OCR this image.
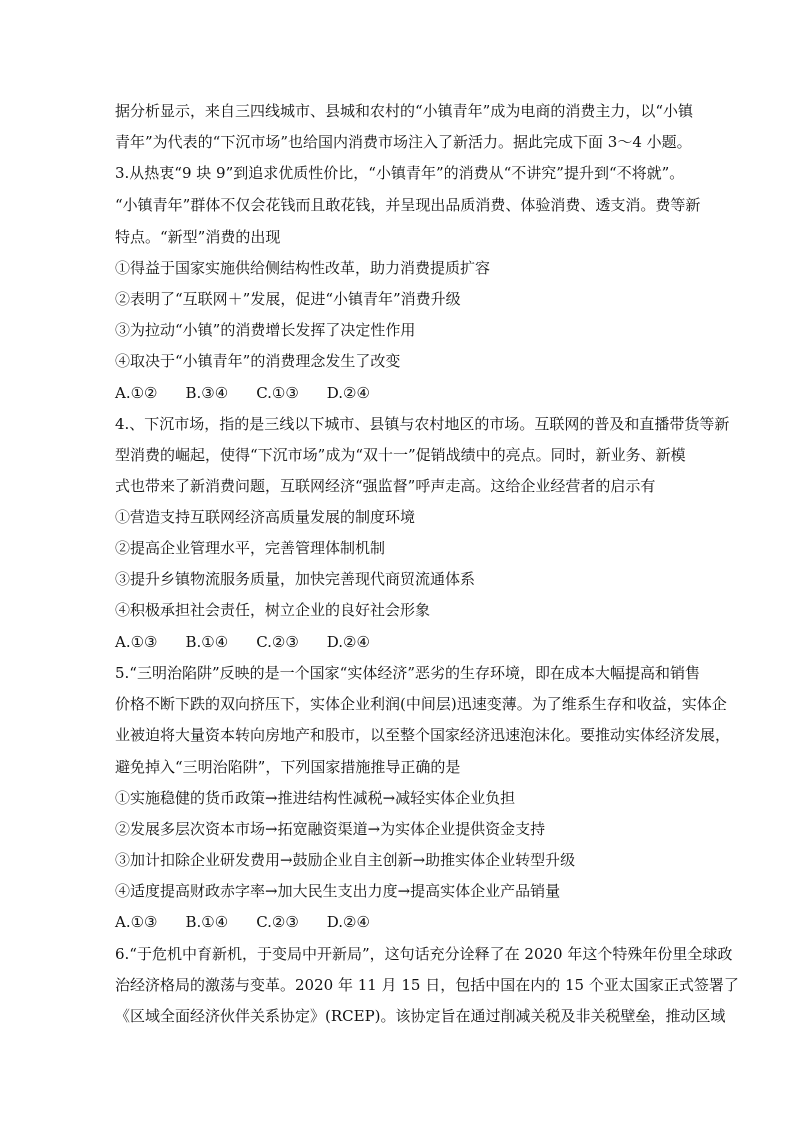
据分析显示，来自三四线城市、县城和农村的“小镇青年”成为电商的消费主力，以“小镇
青年”为代表的“下沉市场”也给国内消费市场注入了新活力。据此完成下面 3～4 小题。
3.从热衷“9 块 9”到追求优质性价比，“小镇青年”的消费从“不讲究”提升到“不将就”。
“小镇青年”群体不仅会花钱而且敢花钱，并呈现出品质消费、体验消费、透支消。费等新
特点。“新型”消费的出现
①得益于国家实施供给侧结构性改革，助力消费提质扩容
②表明了“互联网＋”发展，促进“小镇青年”消费升级
③为拉动“小镇”的消费增长发挥了决定性作用
④取决于“小镇青年”的消费理念发生了改变
A.①② B.③④ C.①③ D.②④
4.、下沉市场，指的是三线以下城市、县镇与农村地区的市场。互联网的普及和直播带货等新
型消费的崛起，使得“下沉市场”成为“双十一”促销战绩中的亮点。同时，新业务、新模
式也带来了新消费问题，互联网经济“强监督”呼声走高。这给企业经营者的启示有
①营造支持互联网经济高质量发展的制度环境
②提高企业管理水平，完善管理体制机制
③提升乡镇物流服务质量，加快完善现代商贸流通体系
④积极承担社会责任，树立企业的良好社会形象
A.①③ B.①④ C.②③ D.②④
5.“三明治陷阱”反映的是一个国家“实体经济”恶劣的生存环境，即在成本大幅提高和销售
价格不断下跌的双向挤压下，实体企业利润(中间层)迅速变薄。为了维系生存和收益，实体企
业被迫将大量资本转向房地产和股市，以至整个国家经济迅速泡沫化。要推动实体经济发展，
避免掉入“三明治陷阱”，下列国家措施推导正确的是
①实施稳健的货币政策→推进结构性减税→减轻实体企业负担
②发展多层次资本市场→拓宽融资渠道→为实体企业提供资金支持
③加计扣除企业研发费用→鼓励企业自主创新→助推实体企业转型升级
④适度提高财政赤字率→加大民生支出力度→提高实体企业产品销量
A.①③ B.①④ C.②③ D.②④
6.“于危机中育新机，于变局中开新局”，这句话充分诠释了在 2020 年这个特殊年份里全球政
治经济格局的激荡与变革。2020 年 11 月 15 日，包括中国在内的 15 个亚太国家正式签署了
《区域全面经济伙伴关系协定》(RCEP)。该协定旨在通过削减关税及非关税壁垒，推动区域
